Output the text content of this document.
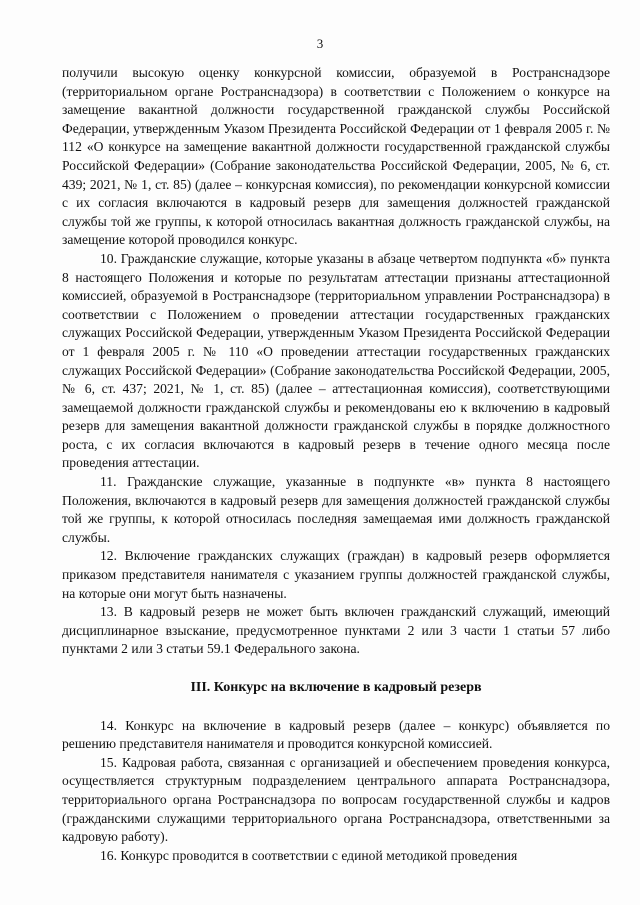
3

получили высокую оценку конкурсной комиссии, образуемой в Ространснадзоре (территориальном органе Ространснадзора) в соответствии с Положением о конкурсе на замещение вакантной должности государственной гражданской службы Российской Федерации, утвержденным Указом Президента Российской Федерации от 1 февраля 2005 г. № 112 «О конкурсе на замещение вакантной должности государственной гражданской службы Российской Федерации» (Собрание законодательства Российской Федерации, 2005, № 6, ст. 439; 2021, № 1, ст. 85) (далее – конкурсная комиссия), по рекомендации конкурсной комиссии с их согласия включаются в кадровый резерв для замещения должностей гражданской службы той же группы, к которой относилась вакантная должность гражданской службы, на замещение которой проводился конкурс.

10. Гражданские служащие, которые указаны в абзаце четвертом подпункта «б» пункта 8 настоящего Положения и которые по результатам аттестации признаны аттестационной комиссией, образуемой в Ространснадзоре (территориальном управлении Ространснадзора) в соответствии с Положением о проведении аттестации государственных гражданских служащих Российской Федерации, утвержденным Указом Президента Российской Федерации от 1 февраля 2005 г. № 110 «О проведении аттестации государственных гражданских служащих Российской Федерации» (Собрание законодательства Российской Федерации, 2005, № 6, ст. 437; 2021, № 1, ст. 85) (далее – аттестационная комиссия), соответствующими замещаемой должности гражданской службы и рекомендованы ею к включению в кадровый резерв для замещения вакантной должности гражданской службы в порядке должностного роста, с их согласия включаются в кадровый резерв в течение одного месяца после проведения аттестации.

11. Гражданские служащие, указанные в подпункте «в» пункта 8 настоящего Положения, включаются в кадровый резерв для замещения должностей гражданской службы той же группы, к которой относилась последняя замещаемая ими должность гражданской службы.

12. Включение гражданских служащих (граждан) в кадровый резерв оформляется приказом представителя нанимателя с указанием группы должностей гражданской службы, на которые они могут быть назначены.

13. В кадровый резерв не может быть включен гражданский служащий, имеющий дисциплинарное взыскание, предусмотренное пунктами 2 или 3 части 1 статьи 57 либо пунктами 2 или 3 статьи 59.1 Федерального закона.

III. Конкурс на включение в кадровый резерв

14. Конкурс на включение в кадровый резерв (далее – конкурс) объявляется по решению представителя нанимателя и проводится конкурсной комиссией.

15. Кадровая работа, связанная с организацией и обеспечением проведения конкурса, осуществляется структурным подразделением центрального аппарата Ространснадзора, территориального органа Ространснадзора по вопросам государственной службы и кадров (гражданскими служащими территориального органа Ространснадзора, ответственными за кадровую работу).

16. Конкурс проводится в соответствии с единой методикой проведения
